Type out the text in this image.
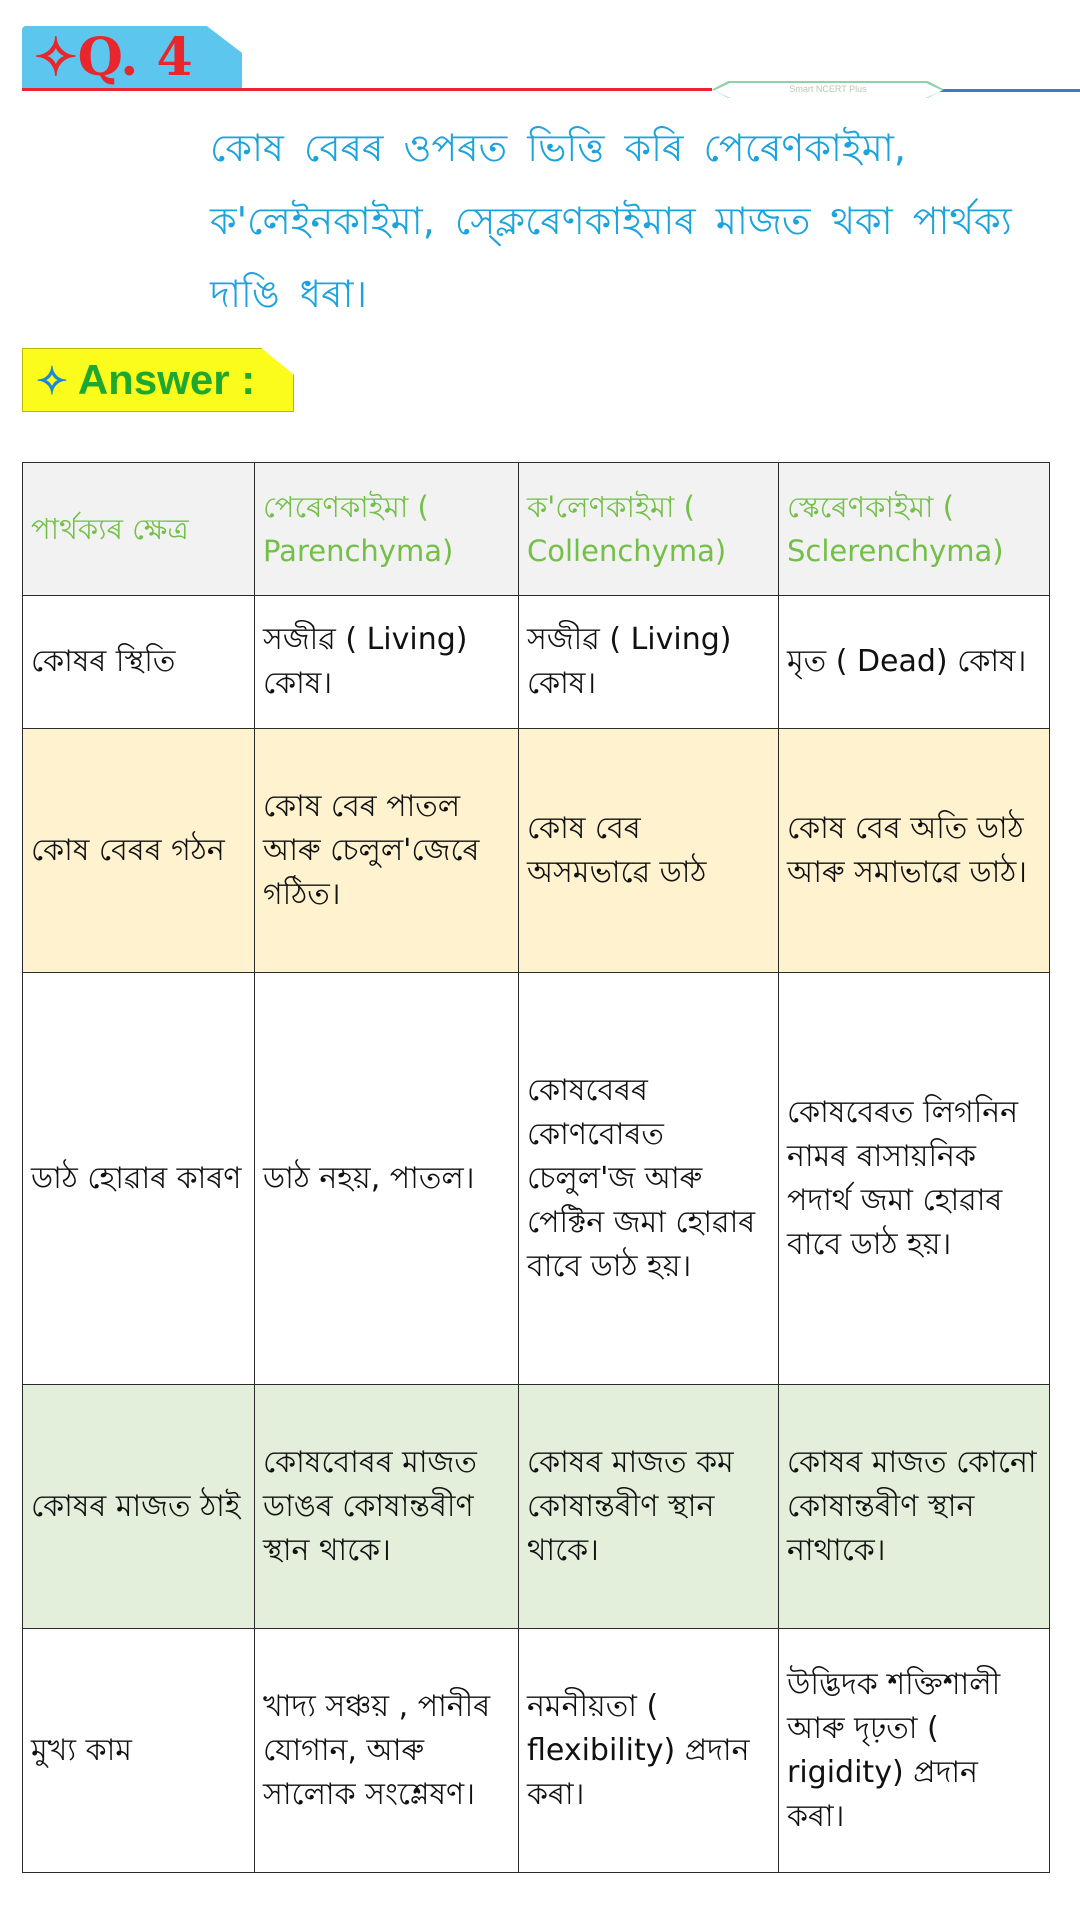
✧Q. 4
Smart NCERT Plus
কোষ বেৰৰ ওপৰত ভিত্তি কৰি পেৰেণকাইমা, ক'লেইনকাইমা, স্ক্লেৰেণকাইমাৰ মাজত থকা পাৰ্থক্য দাঙি ধৰা।
✧ Answer :
পাৰ্থক্যৰ ক্ষেত্ৰ	পেৰেণকাইমা ( Parenchyma)	ক'লেণকাইমা ( Collenchyma)	স্কেৰেণকাইমা ( Sclerenchyma)
কোষৰ স্থিতি	সজীৱ ( Living) কোষ।	সজীৱ ( Living) কোষ।	মৃত ( Dead) কোষ।
কোষ বেৰৰ গঠন	কোষ বেৰ পাতল আৰু চেলুল'জেৰে গঠিত।	কোষ বেৰ অসমভাৱে ডাঠ	কোষ বেৰ অতি ডাঠ আৰু সমাভাৱে ডাঠ।
ডাঠ হোৱাৰ কাৰণ	ডাঠ নহয়, পাতল।	কোষবেৰৰ কোণবোৰত চেলুল'জ আৰু পেক্টিন জমা হোৱাৰ বাবে ডাঠ হয়।	কোষবেৰত লিগনিন নামৰ ৰাসায়নিক পদাৰ্থ জমা হোৱাৰ বাবে ডাঠ হয়।
কোষৰ মাজত ঠাই	কোষবোৰৰ মাজত ডাঙৰ কোষান্তৰীণ স্থান থাকে।	কোষৰ মাজত কম কোষান্তৰীণ স্থান থাকে।	কোষৰ মাজত কোনো কোষান্তৰীণ স্থান নাথাকে।
মুখ্য কাম	খাদ্য সঞ্চয় , পানীৰ যোগান, আৰু সালোক সংশ্লেষণ।	নমনীয়তা ( flexibility) প্ৰদান কৰা।	উদ্ভিদক শক্তিশালী আৰু দৃঢ়তা ( rigidity) প্ৰদান কৰা।
